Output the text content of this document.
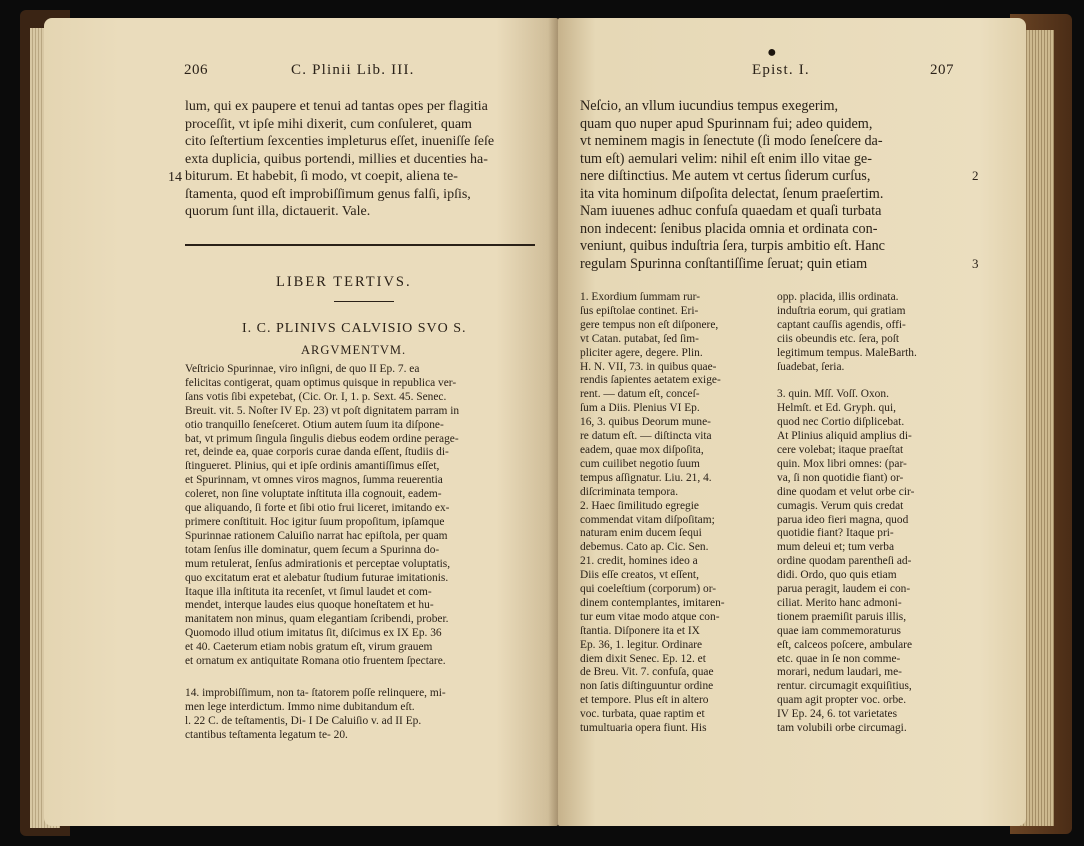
206	C. Plinii Lib. III.

lum, qui ex paupere et tenui ad tantas opes per flagitia

proceſſit, vt ipſe mihi dixerit, cum conſuleret, quam

cito ſeſtertium ſexcenties impleturus eſſet, inueniſſe ſeſe

exta duplicia, quibus portendi, millies et ducenties ha-

biturum. Et habebit, ſi modo, vt coepit, aliena te-

ſtamenta, quod eſt improbiſſimum genus falſi, ipſis,

quorum ſunt illa, dictauerit. Vale.

14
LIBER TERTIVS.
I. C. PLINIVS CALVISIO SVO S.
ARGVMENTVM.

Veſtricio Spurinnae, viro inſigni, de quo II Ep. 7. ea

felicitas contigerat, quam optimus quisque in republica ver-

ſans votis ſibi expetebat, (Cic. Or. I, 1. p. Sext. 45. Senec.

Breuit. vit. 5. Noſter IV Ep. 23) vt poſt dignitatem parram in

otio tranquillo ſeneſceret. Otium autem ſuum ita diſpone-

bat, vt primum ſingula ſingulis diebus eodem ordine perage-

ret, deinde ea, quae corporis curae danda eſſent, ſtudiis di-

ſtingueret. Plinius, qui et ipſe ordinis amantiſſimus eſſet,

et Spurinnam, vt omnes viros magnos, ſumma reuerentia

coleret, non ſine voluptate inſtituta illa cognouit, eadem-

que aliquando, ſi forte et ſibi otio frui liceret, imitando ex-

primere conſtituit. Hoc igitur ſuum propoſitum, ipſamque

Spurinnae rationem Caluiſio narrat hac epiſtola, per quam

totam ſenſus ille dominatur, quem ſecum a Spurinna do-

mum retulerat, ſenſus admirationis et perceptae voluptatis,

quo excitatum erat et alebatur ſtudium futurae imitationis.

Itaque illa inſtituta ita recenſet, vt ſimul laudet et com-

mendet, interque laudes eius quoque honeſtatem et hu-

manitatem non minus, quam elegantiam ſcribendi, prober.

Quomodo illud otium imitatus ſit, diſcimus ex IX Ep. 36

et 40. Caeterum etiam nobis gratum eſt, virum grauem

et ornatum ex antiquitate Romana otio fruentem ſpectare.

14. improbiſſimum, non ta- ſtatorem poſſe relinquere, mi-

men lege interdictum. Immo nime dubitandum eſt.

l. 22 C. de teſtamentis, Di- I De Caluiſio v. ad II Ep.

ctantibus teſtamenta legatum te- 20.

●
Epist. I.	207

Neſcio, an vllum iucundius tempus exegerim,

quam quo nuper apud Spurinnam fui; adeo quidem,

vt neminem magis in ſenectute (ſi modo ſeneſcere da-

tum eſt) aemulari velim: nihil eſt enim illo vitae ge-

nere diſtinctius. Me autem vt certus ſiderum curſus,

ita vita hominum diſpoſita delectat, ſenum praeſertim.

Nam iuuenes adhuc confuſa quaedam et quaſi turbata

non indecent: ſenibus placida omnia et ordinata con-

veniunt, quibus induſtria ſera, turpis ambitio eſt. Hanc

regulam Spurinna conſtantiſſime ſeruat; quin etiam

2
3

1. Exordium ſummam rur-

ſus epiſtolae continet. Eri-

gere tempus non eſt diſponere,

vt Catan. putabat, ſed ſim-

pliciter agere, degere. Plin.

H. N. VII, 73. in quibus quae-

rendis ſapientes aetatem exige-

rent. — datum eſt, conceſ-

ſum a Diis. Plenius VI Ep.

16, 3. quibus Deorum mune-

re datum eſt. — diſtincta vita

eadem, quae mox diſpoſita,

cum cuilibet negotio ſuum

tempus aſſignatur. Liu. 21, 4.

diſcriminata tempora.

2. Haec ſimilitudo egregie

commendat vitam diſpoſitam;

naturam enim ducem ſequi

debemus. Cato ap. Cic. Sen.

21. credit, homines ideo a

Diis eſſe creatos, vt eſſent,

qui coeleſtium (corporum) or-

dinem contemplantes, imitaren-

tur eum vitae modo atque con-

ſtantia. Diſponere ita et IX

Ep. 36, 1. legitur. Ordinare

diem dixit Senec. Ep. 12. et

de Breu. Vit. 7. confuſa, quae

non ſatis diſtinguuntur ordine

et tempore. Plus eſt in altero

voc. turbata, quae raptim et

tumultuaria opera fiunt. His

opp. placida, illis ordinata.

induſtria eorum, qui gratiam

captant cauſſis agendis, offi-

ciis obeundis etc. ſera, poſt

legitimum tempus. MaleBarth.

ſuadebat, ſeria.

3. quin. Mſſ. Voſſ. Oxon.

Helmſt. et Ed. Gryph. qui,

quod nec Cortio diſplicebat.

At Plinius aliquid amplius di-

cere volebat; itaque praeſtat

quin. Mox libri omnes: (par-

va, ſi non quotidie fiant) or-

dine quodam et velut orbe cir-

cumagis. Verum quis credat

parua ideo fieri magna, quod

quotidie fiant? Itaque pri-

mum deleui et; tum verba

ordine quodam parentheſi ad-

didi. Ordo, quo quis etiam

parua peragit, laudem ei con-

ciliat. Merito hanc admoni-

tionem praemiſit paruis illis,

quae iam commemoraturus

eſt, calceos poſcere, ambulare

etc. quae in ſe non comme-

morari, nedum laudari, me-

rentur. circumagit exquiſitius,

quam agit propter voc. orbe.

IV Ep. 24, 6. tot varietates

tam volubili orbe circumagi.
